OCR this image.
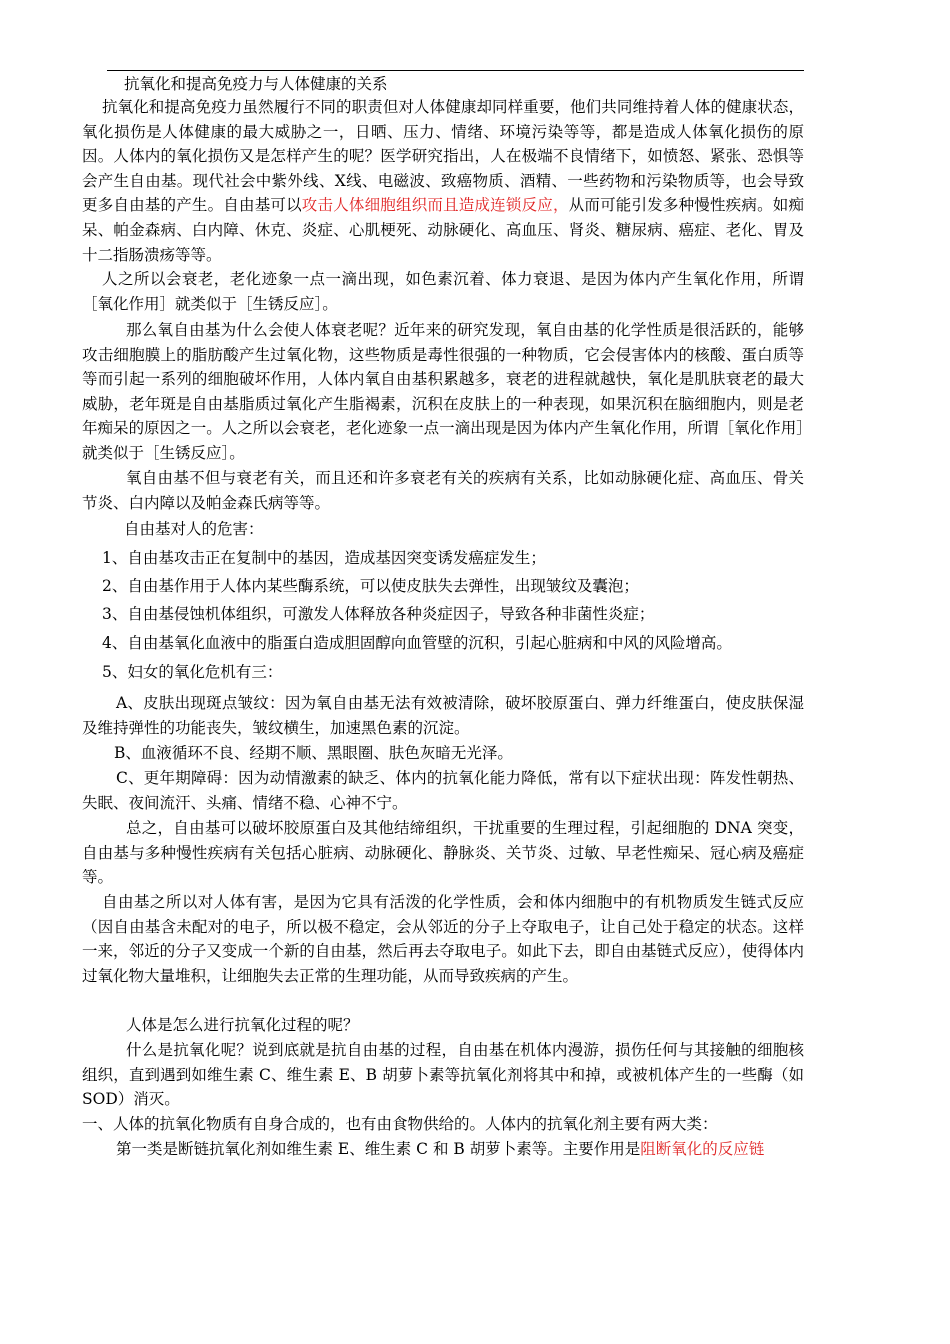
抗氧化和提高免疫力与人体健康的关系

抗氧化和提高免疫力虽然履行不同的职责但对人体健康却同样重要，他们共同维持着人体的健康状态，氧化损伤是人体健康的最大威胁之一，日晒、压力、情绪、环境污染等等，都是造成人体氧化损伤的原因。人体内的氧化损伤又是怎样产生的呢？医学研究指出，人在极端不良情绪下，如愤怒、紧张、恐惧等会产生自由基。现代社会中紫外线、X线、电磁波、致癌物质、酒精、一些药物和污染物质等，也会导致更多自由基的产生。自由基可以攻击人体细胞组织而且造成连锁反应，从而可能引发多种慢性疾病。如痴呆、帕金森病、白内障、休克、炎症、心肌梗死、动脉硬化、高血压、肾炎、糖尿病、癌症、老化、胃及十二指肠溃疡等等。

人之所以会衰老，老化迹象一点一滴出现，如色素沉着、体力衰退、是因为体内产生氧化作用，所谓［氧化作用］就类似于［生锈反应］。

那么氧自由基为什么会使人体衰老呢？近年来的研究发现，氧自由基的化学性质是很活跃的，能够攻击细胞膜上的脂肪酸产生过氧化物，这些物质是毒性很强的一种物质，它会侵害体内的核酸、蛋白质等等而引起一系列的细胞破坏作用，人体内氧自由基积累越多，衰老的进程就越快，氧化是肌肤衰老的最大威胁，老年斑是自由基脂质过氧化产生脂褐素，沉积在皮肤上的一种表现，如果沉积在脑细胞内，则是老年痴呆的原因之一。人之所以会衰老，老化迹象一点一滴出现是因为体内产生氧化作用，所谓［氧化作用］就类似于［生锈反应］。

氧自由基不但与衰老有关，而且还和许多衰老有关的疾病有关系，比如动脉硬化症、高血压、骨关节炎、白内障以及帕金森氏病等等。

自由基对人的危害：

1、自由基攻击正在复制中的基因，造成基因突变诱发癌症发生；

2、自由基作用于人体内某些酶系统，可以使皮肤失去弹性，出现皱纹及囊泡；

3、自由基侵蚀机体组织，可激发人体释放各种炎症因子，导致各种非菌性炎症；

4、自由基氧化血液中的脂蛋白造成胆固醇向血管壁的沉积，引起心脏病和中风的风险增高。

5、妇女的氧化危机有三：

A、皮肤出现斑点皱纹：因为氧自由基无法有效被清除，破坏胶原蛋白、弹力纤维蛋白，使皮肤保湿及维持弹性的功能丧失，皱纹横生，加速黑色素的沉淀。

B、血液循环不良、经期不顺、黑眼圈、肤色灰暗无光泽。

C、更年期障碍：因为动情激素的缺乏、体内的抗氧化能力降低，常有以下症状出现：阵发性朝热、失眠、夜间流汗、头痛、情绪不稳、心神不宁。

总之，自由基可以破坏胶原蛋白及其他结缔组织，干扰重要的生理过程，引起细胞的 DNA 突变，自由基与多种慢性疾病有关包括心脏病、动脉硬化、静脉炎、关节炎、过敏、早老性痴呆、冠心病及癌症等。

自由基之所以对人体有害，是因为它具有活泼的化学性质，会和体内细胞中的有机物质发生链式反应（因自由基含未配对的电子，所以极不稳定，会从邻近的分子上夺取电子，让自己处于稳定的状态。这样一来，邻近的分子又变成一个新的自由基，然后再去夺取电子。如此下去，即自由基链式反应），使得体内过氧化物大量堆积，让细胞失去正常的生理功能，从而导致疾病的产生。

人体是怎么进行抗氧化过程的呢？

什么是抗氧化呢？说到底就是抗自由基的过程，自由基在机体内漫游，损伤任何与其接触的细胞核组织，直到遇到如维生素 C、维生素 E、Β 胡萝卜素等抗氧化剂将其中和掉，或被机体产生的一些酶（如 SOD）消灭。

一、人体的抗氧化物质有自身合成的，也有由食物供给的。人体内的抗氧化剂主要有两大类：

第一类是断链抗氧化剂如维生素 E、维生素 C 和 Β 胡萝卜素等。主要作用是阻断氧化的反应链
